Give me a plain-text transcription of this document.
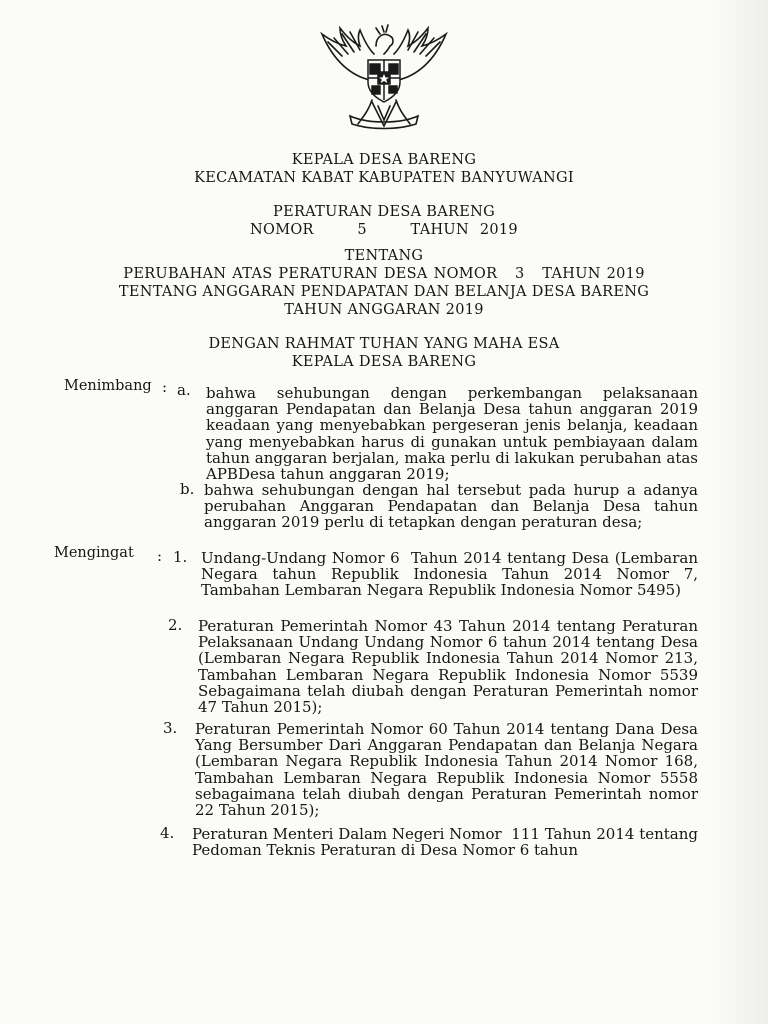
KEPALA DESA BARENG
KECAMATAN KABAT KABUPATEN BANYUWANGI
PERATURAN DESA BARENG
NOMOR    5    TAHUN 2019
TENTANG
PERUBAHAN ATAS PERATURAN DESA NOMOR   3   TAHUN 2019
TENTANG ANGGARAN PENDAPATAN DAN BELANJA DESA BARENG
TAHUN ANGGARAN 2019
DENGAN RAHMAT TUHAN YANG MAHA ESA
KEPALA DESA BARENG
Menimbang : a. bahwa sehubungan dengan perkembangan pelaksanaan anggaran Pendapatan dan Belanja Desa tahun anggaran 2019 keadaan yang menyebabkan pergeseran jenis belanja, keadaan yang menyebabkan harus di gunakan untuk pembiayaan dalam tahun anggaran berjalan, maka perlu di lakukan perubahan atas APBDesa tahun anggaran 2019;
b. bahwa sehubungan dengan hal tersebut pada hurup a adanya perubahan Anggaran Pendapatan dan Belanja Desa tahun anggaran 2019 perlu di tetapkan dengan peraturan desa;
Mengingat : 1. Undang-Undang Nomor 6  Tahun 2014 tentang Desa (Lembaran Negara tahun Republik Indonesia Tahun 2014 Nomor 7, Tambahan Lembaran Negara Republik Indonesia Nomor 5495)
2. Peraturan Pemerintah Nomor 43 Tahun 2014 tentang Peraturan Pelaksanaan Undang Undang Nomor 6 tahun 2014 tentang Desa (Lembaran Negara Republik Indonesia Tahun 2014 Nomor 213, Tambahan Lembaran Negara Republik Indonesia Nomor 5539 Sebagaimana telah diubah dengan Peraturan Pemerintah nomor 47 Tahun 2015);
3. Peraturan Pemerintah Nomor 60 Tahun 2014 tentang Dana Desa Yang Bersumber Dari Anggaran Pendapatan dan Belanja Negara (Lembaran Negara Republik Indonesia Tahun 2014 Nomor 168, Tambahan Lembaran Negara Republik Indonesia Nomor 5558 sebagaimana telah diubah dengan Peraturan Pemerintah nomor 22 Tahun 2015);
4. Peraturan Menteri Dalam Negeri Nomor  111 Tahun 2014 tentang  Pedoman Teknis Peraturan di Desa Nomor 6 tahun
